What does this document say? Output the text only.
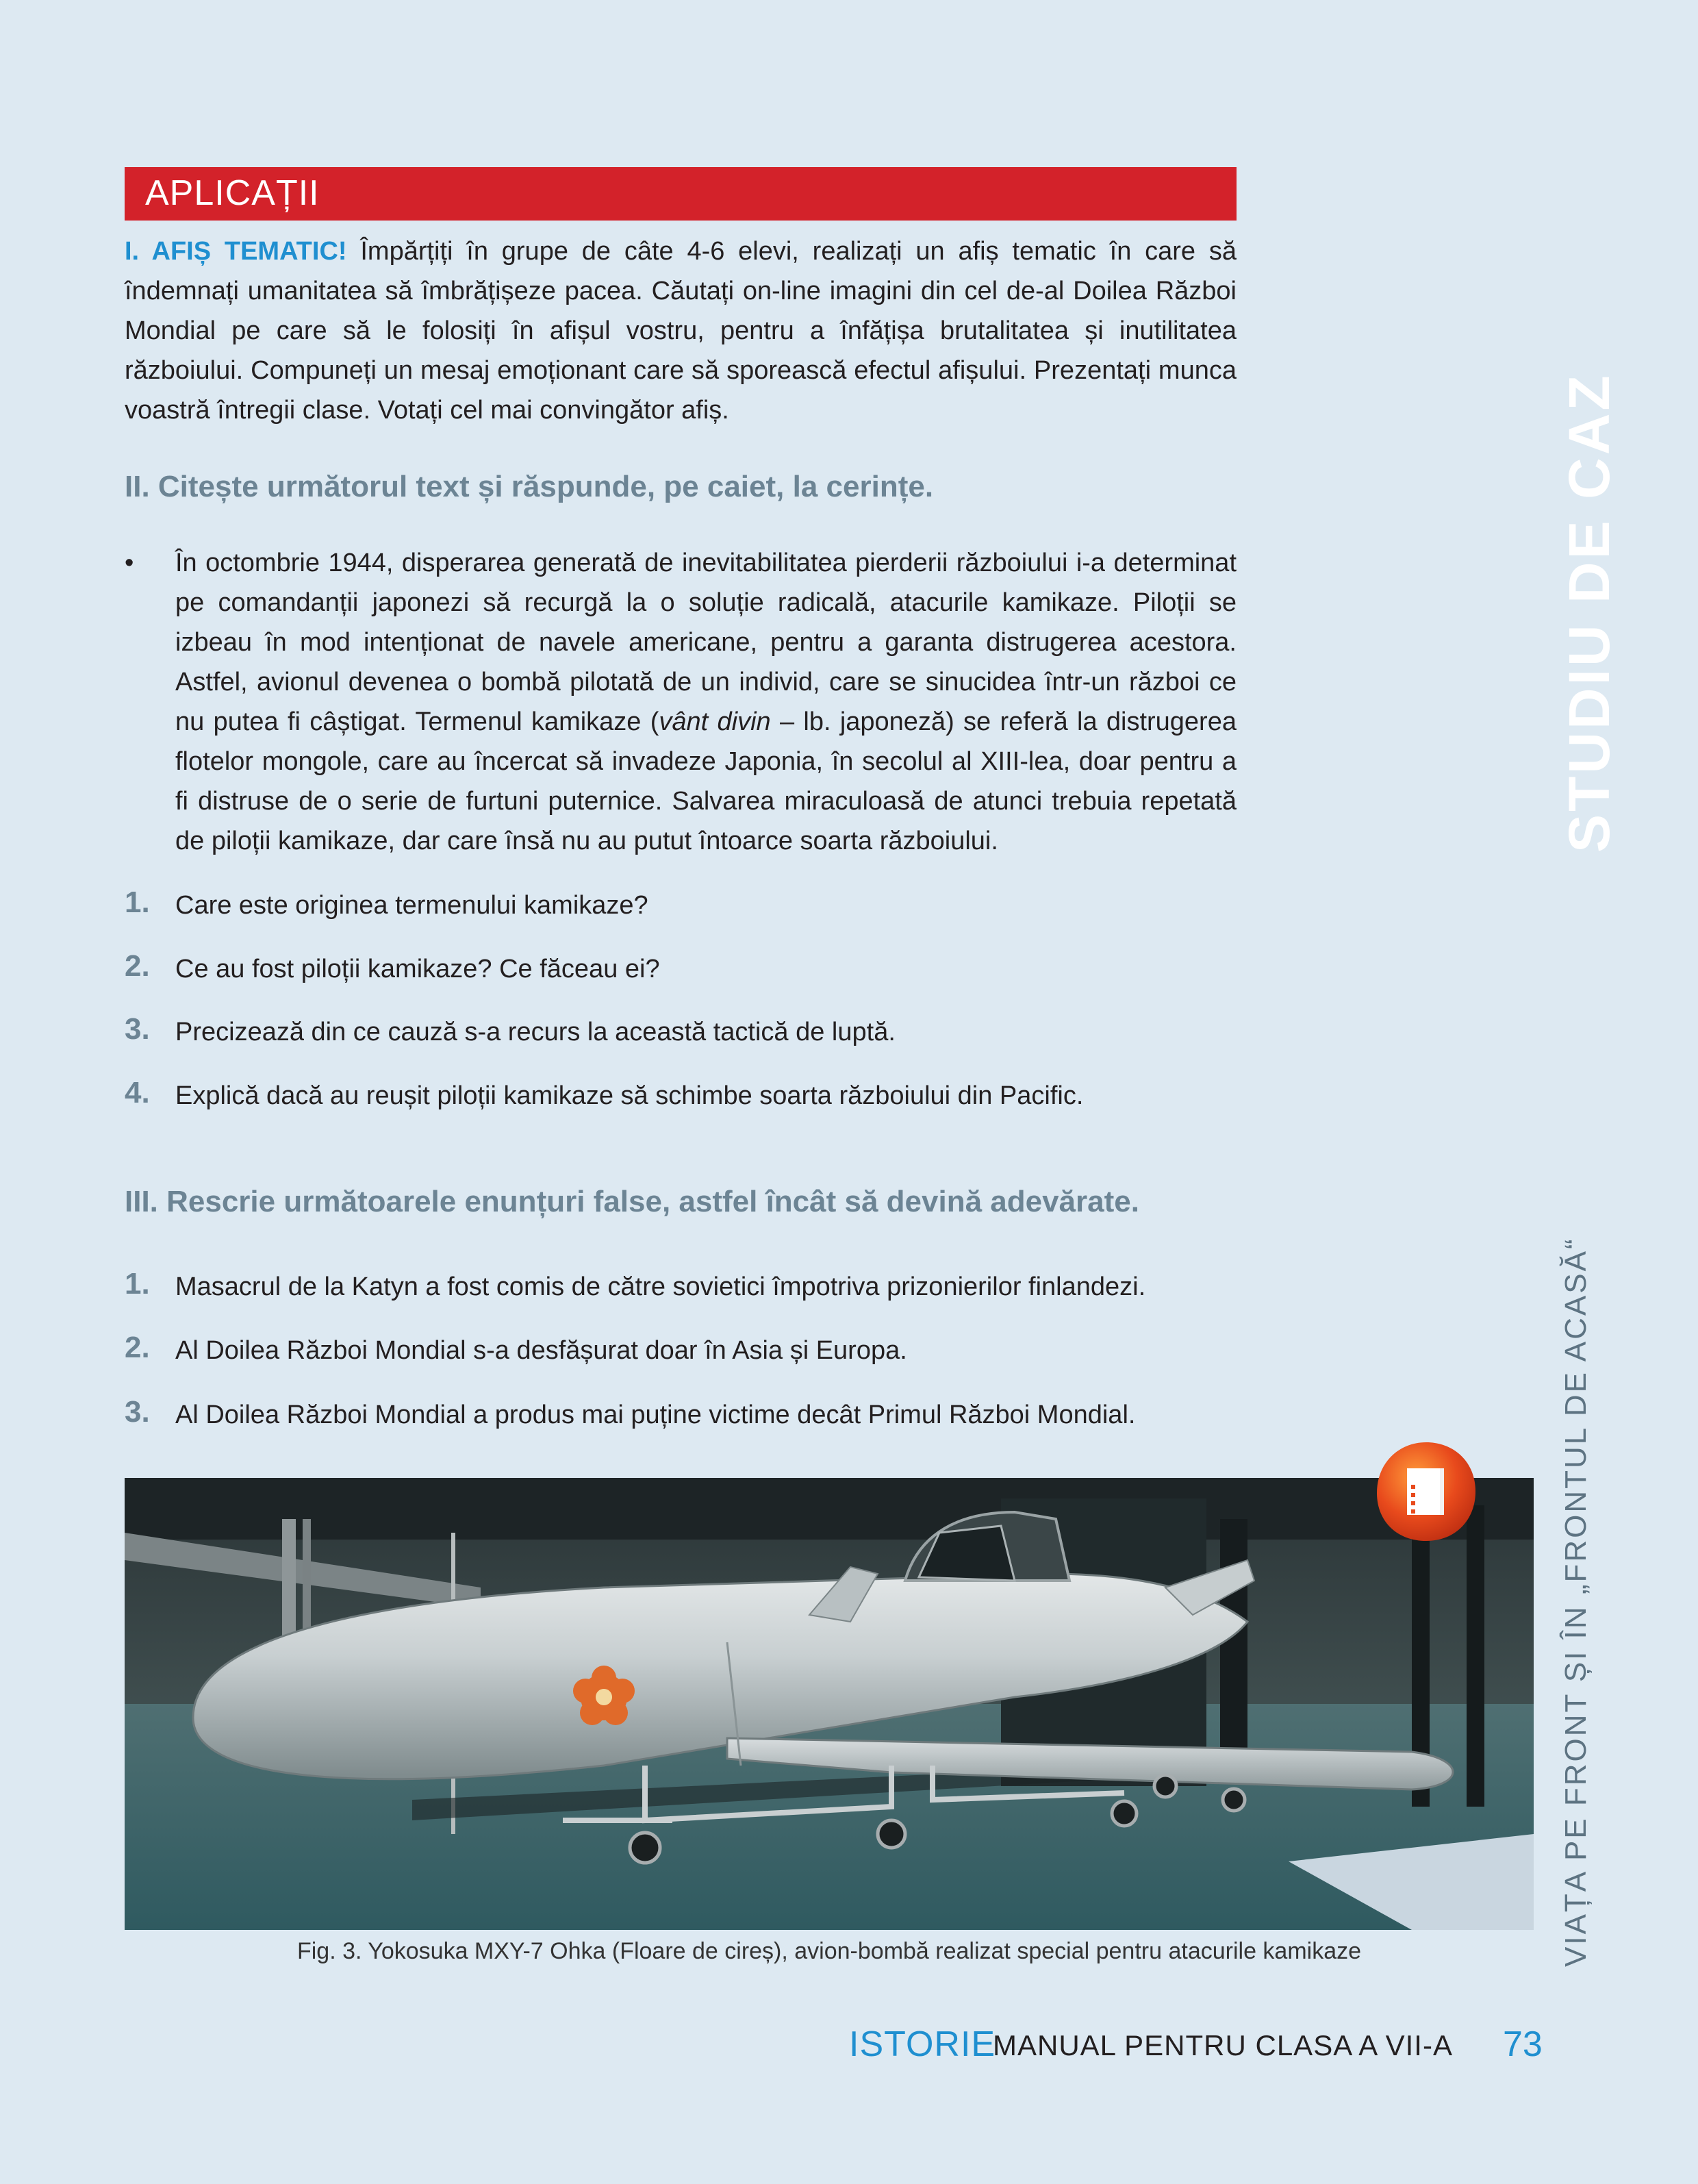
APLICAȚII
I. AFIȘ TEMATIC! Împărțiți în grupe de câte 4-6 elevi, realizați un afiș tematic în care să îndemnați umanitatea să îmbrățișeze pacea. Căutați on-line imagini din cel de-al Doilea Război Mondial pe care să le folosiți în afișul vostru, pentru a înfățișa brutalitatea și inutilitatea războiului. Compuneți un mesaj emoționant care să sporească efectul afișului. Prezentați munca voastră întregii clase. Votați cel mai convingător afiș.
II. Citește următorul text și răspunde, pe caiet, la cerințe.
• În octombrie 1944, disperarea generată de inevitabilitatea pierderii războiului i-a determinat pe comandanții japonezi să recurgă la o soluție radicală, atacurile kamikaze. Piloții se izbeau în mod intenționat de navele americane, pentru a garanta distrugerea acestora. Astfel, avionul devenea o bombă pilotată de un individ, care se sinucidea într-un război ce nu putea fi câștigat. Termenul kamikaze (vânt divin – lb. japoneză) se referă la distrugerea flotelor mongole, care au încercat să invadeze Japonia, în secolul al XIII-lea, doar pentru a fi distruse de o serie de furtuni puternice. Salvarea miraculoasă de atunci trebuia repetată de piloții kamikaze, dar care însă nu au putut întoarce soarta războiului.
1. Care este originea termenului kamikaze?
2. Ce au fost piloții kamikaze? Ce făceau ei?
3. Precizează din ce cauză s-a recurs la această tactică de luptă.
4. Explică dacă au reușit piloții kamikaze să schimbe soarta războiului din Pacific.
III. Rescrie următoarele enunțuri false, astfel încât să devină adevărate.
1. Masacrul de la Katyn a fost comis de către sovietici împotriva prizonierilor finlandezi.
2. Al Doilea Război Mondial s-a desfășurat doar în Asia și Europa.
3. Al Doilea Război Mondial a produs mai puține victime decât Primul Război Mondial.
STUDIU DE CAZ
VIAȚA PE FRONT ȘI ÎN „FRONTUL DE ACASĂ“
Fig. 3. Yokosuka MXY-7 Ohka (Floare de cireș), avion-bombă realizat special pentru atacurile kamikaze
ISTORIE
MANUAL PENTRU CLASA A VII-A 73
